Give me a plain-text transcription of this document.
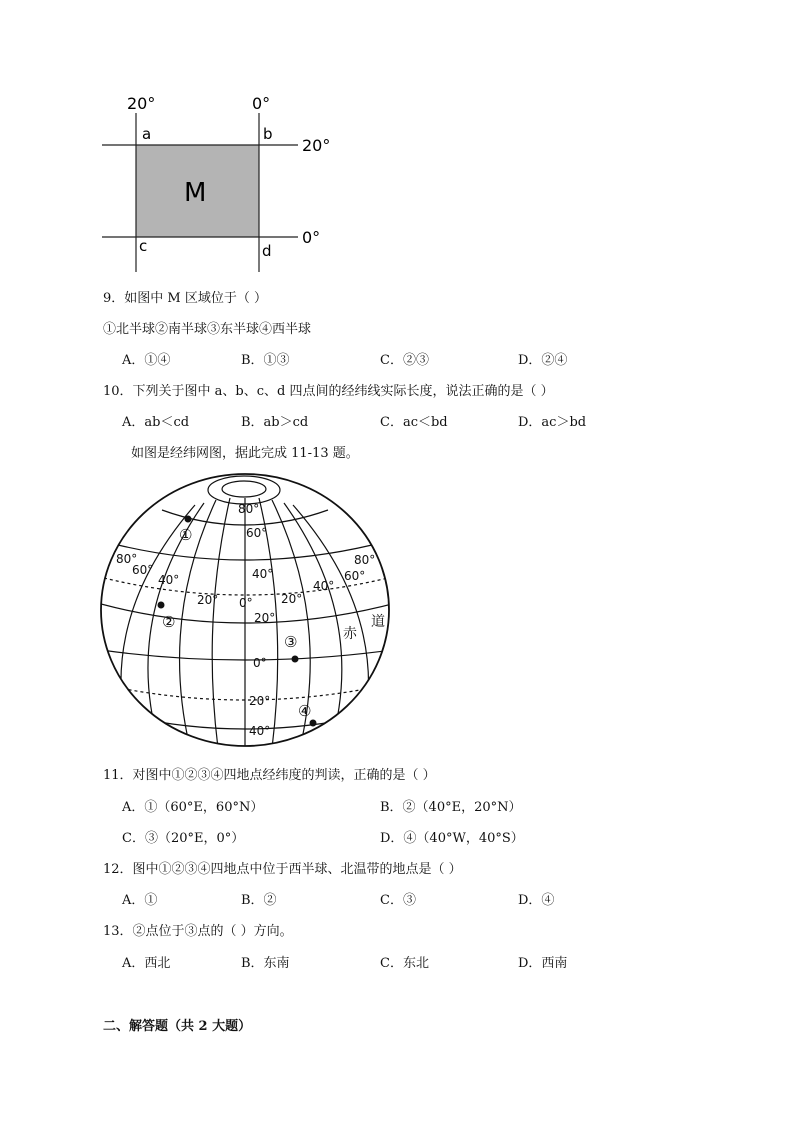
20°	0°
20°
0°
a	b
c	d
M
9．如图中 M 区域位于（ ）
①北半球②南半球③东半球④西半球
A．①④	B．①③	C．②③	D．②④
10．下列关于图中 a、b、c、d 四点间的经纬线实际长度，说法正确的是（ ）
A．ab＜cd	B．ab＞cd	C．ac＜bd	D．ac＞bd
如图是经纬网图，据此完成 11-13 题。
80°
60°
40°
0°
20°
0°
20°
40°
20°
40°
60°
80°
20°
40°
60°
80°
赤
道
①
②
③
④
11．对图中①②③④四地点经纬度的判读，正确的是（ ）
A．①（60°E，60°N）	B．②（40°E，20°N）
C．③（20°E，0°）	D．④（40°W，40°S）
12．图中①②③④四地点中位于西半球、北温带的地点是（ ）
A．①	B．②	C．③	D．④
13．②点位于③点的（ ）方向。
A．西北	B．东南	C．东北	D．西南
二、解答题（共 2 大题）
